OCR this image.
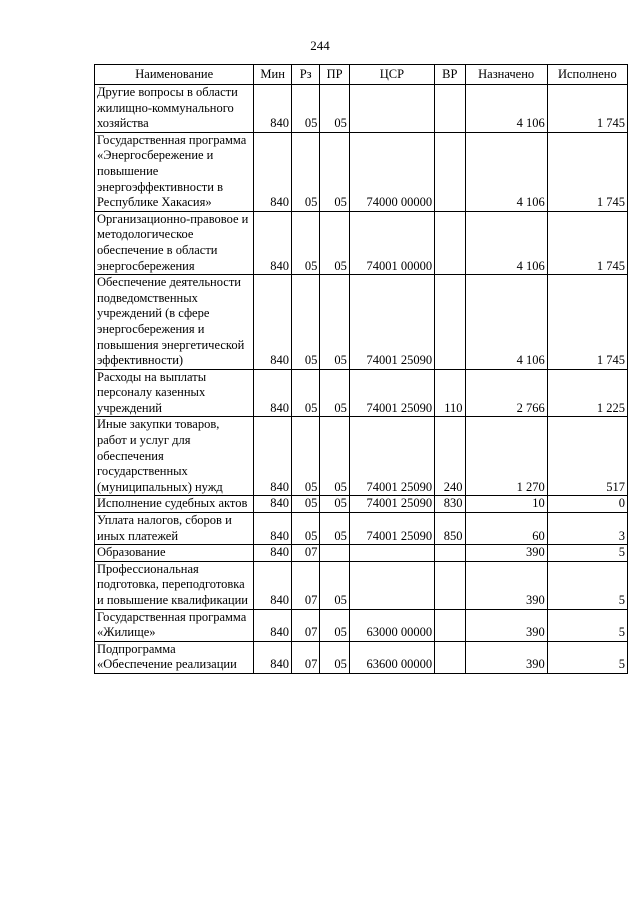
244
Наименование	Мин	Рз	ПР	ЦСР	ВР	Назначено	Исполнено
Другие вопросы в области жилищно-коммунального хозяйства	840	05	05			4 106	1 745
Государственная программа «Энергосбережение и повышение энергоэффективности в Республике Хакасия»	840	05	05	74000 00000		4 106	1 745
Организационно-правовое и методологическое обеспечение в области энергосбережения	840	05	05	74001 00000		4 106	1 745
Обеспечение деятельности подведомственных учреждений (в сфере энергосбережения и повышения энергетической эффективности)	840	05	05	74001 25090		4 106	1 745
Расходы на выплаты персоналу казенных учреждений	840	05	05	74001 25090	110	2 766	1 225
Иные закупки товаров, работ и услуг для обеспечения государственных (муниципальных) нужд	840	05	05	74001 25090	240	1 270	517
Исполнение судебных актов	840	05	05	74001 25090	830	10	0
Уплата налогов, сборов и иных платежей	840	05	05	74001 25090	850	60	3
Образование	840	07				390	5
Профессиональная подготовка, переподготовка и повышение квалификации	840	07	05			390	5
Государственная программа «Жилище»	840	07	05	63000 00000		390	5
Подпрограмма «Обеспечение реализации	840	07	05	63600 00000		390	5
